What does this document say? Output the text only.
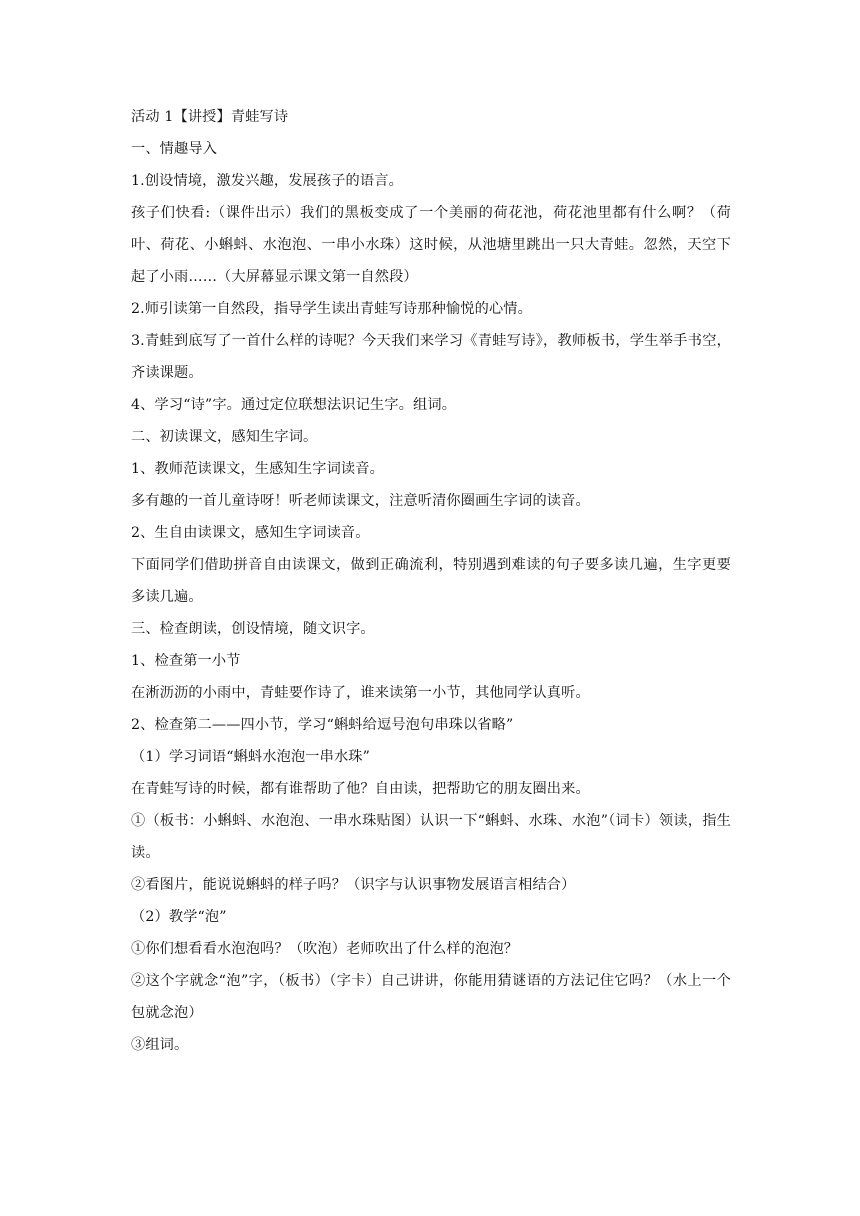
活动 1【讲授】青蛙写诗

一、情趣导入

1.创设情境，激发兴趣，发展孩子的语言。

孩子们快看:（课件出示）我们的黑板变成了一个美丽的荷花池，荷花池里都有什么啊？（荷叶、荷花、小蝌蚪、水泡泡、一串小水珠）这时候，从池塘里跳出一只大青蛙。忽然，天空下起了小雨……（大屏幕显示课文第一自然段）

2.师引读第一自然段，指导学生读出青蛙写诗那种愉悦的心情。

3.青蛙到底写了一首什么样的诗呢？今天我们来学习《青蛙写诗》，教师板书，学生举手书空，齐读课题。

4、学习“诗”字。通过定位联想法识记生字。组词。

二、初读课文，感知生字词。

1、教师范读课文，生感知生字词读音。

多有趣的一首儿童诗呀！听老师读课文，注意听清你圈画生字词的读音。

2、生自由读课文，感知生字词读音。

下面同学们借助拼音自由读课文，做到正确流利，特别遇到难读的句子要多读几遍，生字更要多读几遍。

三、检查朗读，创设情境，随文识字。

1、检查第一小节

在淅沥沥的小雨中，青蛙要作诗了，谁来读第一小节，其他同学认真听。

2、检查第二——四小节，学习“蝌蚪给逗号泡句串珠以省略”

（1）学习词语“蝌蚪水泡泡一串水珠”

在青蛙写诗的时候，都有谁帮助了他？自由读，把帮助它的朋友圈出来。

①（板书：小蝌蚪、水泡泡、一串水珠贴图）认识一下“蝌蚪、水珠、水泡”（词卡）领读，指生读。

②看图片，能说说蝌蚪的样子吗？（识字与认识事物发展语言相结合）

（2）教学“泡”

①你们想看看水泡泡吗？（吹泡）老师吹出了什么样的泡泡？

②这个字就念“泡”字，（板书）（字卡）自己讲讲，你能用猜谜语的方法记住它吗？（水上一个包就念泡）

③组词。
